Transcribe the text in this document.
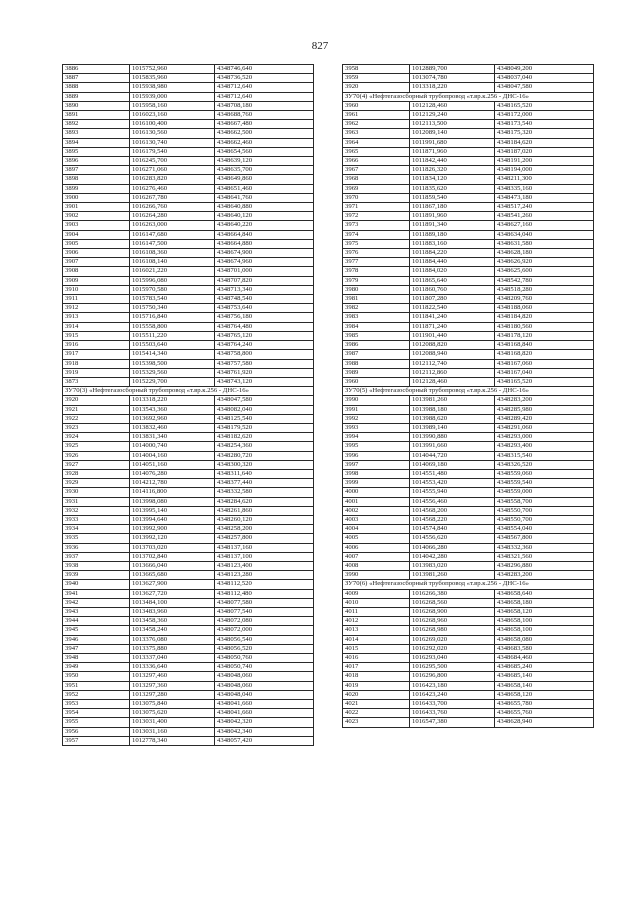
827
3886	1015752,960	4348746,640
3887	1015835,960	4348736,520
3888	1015938,980	4348712,640
3889	1015939,000	4348712,640
3890	1015958,160	4348708,180
3891	1016023,160	4348688,760
3892	1016100,400	4348667,480
3893	1016130,560	4348662,500
3894	1016130,740	4348662,460
3895	1016179,540	4348654,560
3896	1016245,700	4348639,120
3897	1016271,060	4348635,700
3898	1016283,820	4348649,860
3899	1016276,460	4348651,460
3900	1016267,780	4348641,760
3901	1016266,760	4348640,880
3902	1016264,280	4348640,120
3903	1016263,000	4348640,220
3904	1016147,680	4348664,840
3905	1016147,500	4348664,880
3906	1016108,360	4348674,900
3907	1016108,140	4348674,960
3908	1016021,220	4348701,000
3909	1015996,080	4348707,820
3910	1015970,580	4348713,340
3911	1015783,540	4348748,540
3912	1015750,340	4348753,640
3913	1015716,840	4348756,180
3914	1015558,800	4348764,480
3915	1015511,220	4348765,120
3916	1015503,640	4348764,240
3917	1015414,340	4348758,800
3918	1015398,500	4348757,580
3919	1015329,560	4348761,920
3873	1015229,700	4348743,120
ЗУ70(3) «Нефтегазосборный трубопровод «т.вр.к.256 - ДНС-16»		
3920	1013318,220	4348047,580
3921	1013543,360	4348082,040
3922	1013692,960	4348125,540
3923	1013832,460	4348179,520
3924	1013831,340	4348182,620
3925	1014000,740	4348254,360
3926	1014004,160	4348280,720
3927	1014051,160	4348300,320
3928	1014076,280	4348311,640
3929	1014212,780	4348377,440
3930	1014116,800	4348332,580
3931	1013998,080	4348284,620
3932	1013995,140	4348261,860
3933	1013994,640	4348260,120
3934	1013992,900	4348258,200
3935	1013992,120	4348257,800
3936	1013703,020	4348137,160
3937	1013702,840	4348137,100
3938	1013666,040	4348123,400
3939	1013665,680	4348123,280
3940	1013627,900	4348112,520
3941	1013627,720	4348112,480
3942	1013484,100	4348077,580
3943	1013483,960	4348077,540
3944	1013458,360	4348072,080
3945	1013458,240	4348072,000
3946	1013376,080	4348056,540
3947	1013375,880	4348056,520
3948	1013337,040	4348050,760
3949	1013336,640	4348050,740
3950	1013297,460	4348048,060
3951	1013297,360	4348048,060
3952	1013297,280	4348048,040
3953	1013075,840	4348041,660
3954	1013075,620	4348041,660
3955	1013031,400	4348042,320
3956	1013031,160	4348042,340
3957	1012778,340	4348057,420
3958	1012889,700	4348049,200
3959	1013074,780	4348037,040
3920	1013318,220	4348047,580
ЗУ70(4) «Нефтегазосборный трубопровод «т.вр.к.256 - ДНС-16»		
3960	1012128,460	4348165,520
3961	1012129,240	4348172,000
3962	1012113,500	4348173,540
3963	1012089,140	4348175,320
3964	1011991,680	4348184,620
3965	1011871,960	4348187,020
3966	1011842,440	4348191,200
3967	1011826,320	4348194,000
3968	1011834,120	4348211,300
3969	1011835,620	4348335,160
3970	1011859,540	4348473,180
3971	1011867,180	4348517,240
3972	1011891,960	4348541,260
3973	1011891,340	4348627,160
3974	1011889,180	4348634,040
3975	1011883,160	4348631,580
3976	1011884,220	4348628,180
3977	1011884,440	4348626,920
3978	1011884,020	4348625,600
3979	1011865,640	4348542,780
3980	1011860,760	4348518,280
3981	1011807,280	4348209,760
3982	1011822,540	4348188,060
3983	1011841,240	4348184,820
3984	1011871,240	4348180,560
3985	1011901,440	4348178,120
3986	1012088,820	4348168,840
3987	1012088,940	4348168,820
3988	1012112,740	4348167,060
3989	1012112,860	4348167,040
3960	1012128,460	4348165,520
ЗУ70(5) «Нефтегазосборный трубопровод «т.вр.к.256 - ДНС-16»		
3990	1013981,260	4348283,200
3991	1013988,180	4348285,980
3992	1013988,620	4348289,420
3993	1013989,140	4348291,060
3994	1013990,880	4348293,000
3995	1013991,660	4348293,400
3996	1014044,720	4348315,540
3997	1014069,180	4348326,520
3998	1014551,480	4348559,060
3999	1014553,420	4348559,540
4000	1014555,940	4348559,000
4001	1014556,460	4348558,700
4002	1014568,200	4348550,700
4003	1014568,220	4348550,700
4004	1014574,840	4348554,040
4005	1014556,620	4348567,800
4006	1014066,280	4348332,360
4007	1014042,280	4348321,560
4008	1013983,020	4348296,880
3990	1013981,260	4348283,200
ЗУ70(6) «Нефтегазосборный трубопровод «т.вр.к.256 - ДНС-16»		
4009	1016266,380	4348658,640
4010	1016268,560	4348658,180
4011	1016268,900	4348658,120
4012	1016268,960	4348658,100
4013	1016268,980	4348658,100
4014	1016269,020	4348658,080
4015	1016292,020	4348683,580
4016	1016293,040	4348684,460
4017	1016295,500	4348685,240
4018	1016296,800	4348685,140
4019	1016423,180	4348658,140
4020	1016423,240	4348658,120
4021	1016433,700	4348655,780
4022	1016433,760	4348655,760
4023	1016547,380	4348628,940
